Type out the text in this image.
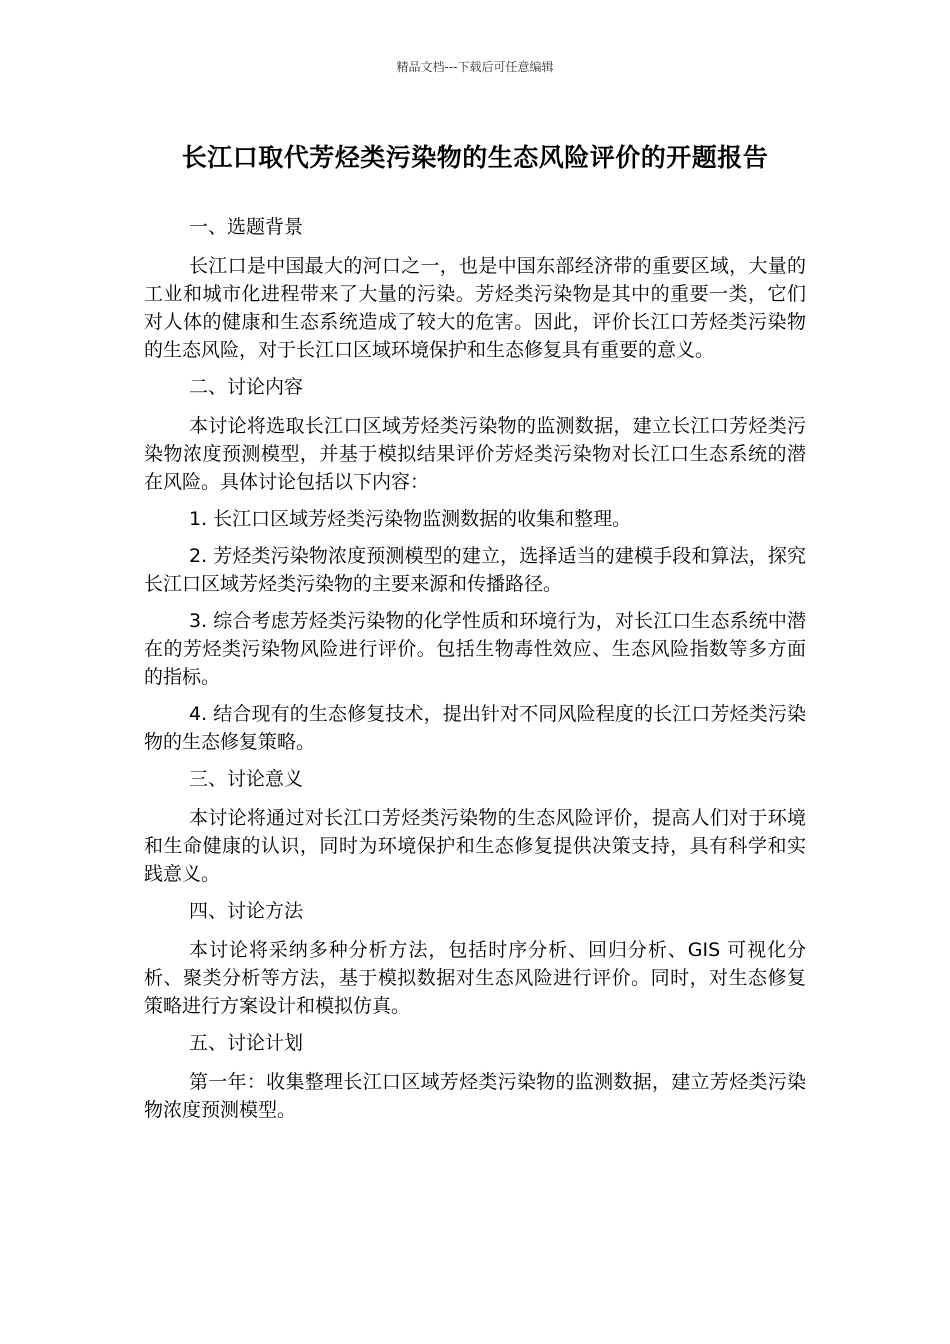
精品文档---下载后可任意编辑
长江口取代芳烃类污染物的生态风险评价的开题报告

一、选题背景

长江口是中国最大的河口之一，也是中国东部经济带的重要区域，大量的工业和城市化进程带来了大量的污染。芳烃类污染物是其中的重要一类，它们对人体的健康和生态系统造成了较大的危害。因此，评价长江口芳烃类污染物的生态风险，对于长江口区域环境保护和生态修复具有重要的意义。

二、讨论内容

本讨论将选取长江口区域芳烃类污染物的监测数据，建立长江口芳烃类污染物浓度预测模型，并基于模拟结果评价芳烃类污染物对长江口生态系统的潜在风险。具体讨论包括以下内容：

1. 长江口区域芳烃类污染物监测数据的收集和整理。

2. 芳烃类污染物浓度预测模型的建立，选择适当的建模手段和算法，探究长江口区域芳烃类污染物的主要来源和传播路径。

3. 综合考虑芳烃类污染物的化学性质和环境行为，对长江口生态系统中潜在的芳烃类污染物风险进行评价。包括生物毒性效应、生态风险指数等多方面的指标。

4. 结合现有的生态修复技术，提出针对不同风险程度的长江口芳烃类污染物的生态修复策略。

三、讨论意义

本讨论将通过对长江口芳烃类污染物的生态风险评价，提高人们对于环境和生命健康的认识，同时为环境保护和生态修复提供决策支持，具有科学和实践意义。

四、讨论方法

本讨论将采纳多种分析方法，包括时序分析、回归分析、GIS 可视化分析、聚类分析等方法，基于模拟数据对生态风险进行评价。同时，对生态修复策略进行方案设计和模拟仿真。

五、讨论计划

第一年：收集整理长江口区域芳烃类污染物的监测数据，建立芳烃类污染物浓度预测模型。
